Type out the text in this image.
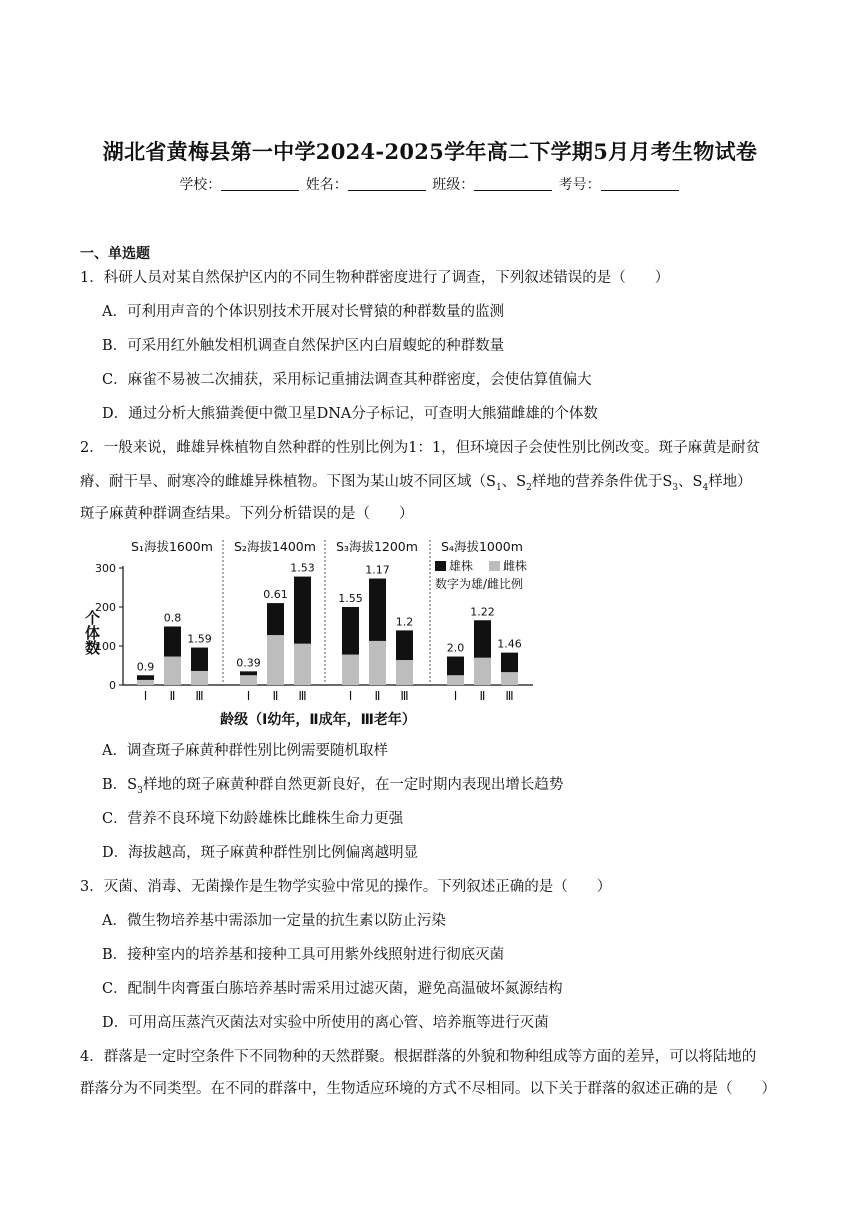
湖北省黄梅县第一中学2024-2025学年高二下学期5月月考生物试卷
学校：	姓名：	班级：	考号：
一、单选题
1．科研人员对某自然保护区内的不同生物种群密度进行了调查，下列叙述错误的是（　　）
A．可利用声音的个体识别技术开展对长臂猿的种群数量的监测
B．可采用红外触发相机调查自然保护区内白眉蝮蛇的种群数量
C．麻雀不易被二次捕获，采用标记重捕法调查其种群密度，会使估算值偏大
D．通过分析大熊猫粪便中微卫星DNA分子标记，可查明大熊猫雌雄的个体数
2．一般来说，雌雄异株植物自然种群的性别比例为1：1，但环境因子会使性别比例改变。斑子麻黄是耐贫
瘠、耐干旱、耐寒冷的雌雄异株植物。下图为某山坡不同区域（$S_1$、$S_2$样地的营养条件优于$S_3$、$S_4$样地）
斑子麻黄种群调查结果。下列分析错误的是（　　）
0
100
200
300
个体数
龄级（Ⅰ幼年，Ⅱ成年，Ⅲ老年）
S₁海拔1600m
0.9
Ⅰ
0.8
Ⅱ
1.59
Ⅲ
S₂海拔1400m
0.39
Ⅰ
0.61
Ⅱ
1.53
Ⅲ
S₃海拔1200m
1.55
Ⅰ
1.17
Ⅱ
1.2
Ⅲ
S₄海拔1000m
2.0
Ⅰ
1.22
Ⅱ
1.46
Ⅲ
雄株 雌株
数字为雄/雌比例
A．调查斑子麻黄种群性别比例需要随机取样
B．$S_3$样地的斑子麻黄种群自然更新良好，在一定时期内表现出增长趋势
C．营养不良环境下幼龄雄株比雌株生命力更强
D．海拔越高，斑子麻黄种群性别比例偏离越明显
3．灭菌、消毒、无菌操作是生物学实验中常见的操作。下列叙述正确的是（　　）
A．微生物培养基中需添加一定量的抗生素以防止污染
B．接种室内的培养基和接种工具可用紫外线照射进行彻底灭菌
C．配制牛肉膏蛋白胨培养基时需采用过滤灭菌，避免高温破坏氮源结构
D．可用高压蒸汽灭菌法对实验中所使用的离心管、培养瓶等进行灭菌
4．群落是一定时空条件下不同物种的天然群聚。根据群落的外貌和物种组成等方面的差异，可以将陆地的
群落分为不同类型。在不同的群落中，生物适应环境的方式不尽相同。以下关于群落的叙述正确的是（　　）
